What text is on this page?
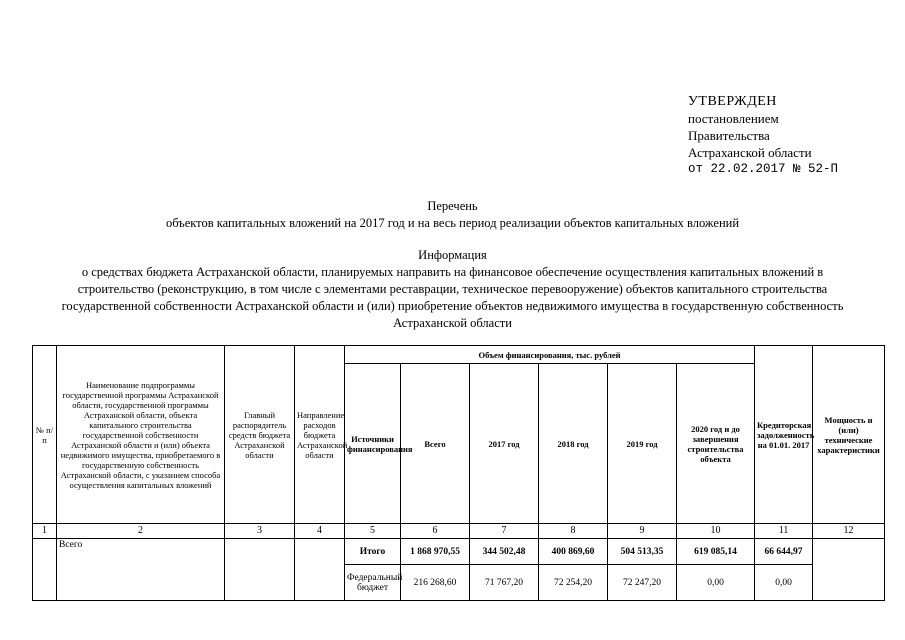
УТВЕРЖДЕН
постановлением
Правительства
Астраханской области
от 22.02.2017 № 52-П
Перечень
объектов капитальных вложений на 2017 год и на весь период реализации объектов капитальных вложений
Информация
о средствах бюджета Астраханской области, планируемых направить на финансовое обеспечение осуществления капитальных вложений в строительство (реконструкцию, в том числе с элементами реставрации, техническое перевооружение) объектов капитального строительства государственной собственности Астраханской области и (или) приобретение объектов недвижимого имущества в государственную собственность Астраханской области
№ п/п	Наименование подпрограммы государственной программы Астраханской области, государственной программы Астраханской области, объекта капитального строительства государственной собственности Астраханской области и (или) объекта недвижимого имущества, приобретаемого в государственную собственность Астраханской области, с указанием способа осуществления капитальных вложений	Главный распорядитель средств бюджета Астраханской области	Направление расходов бюджета Астраханской области	Объем финансирования, тыс. рублей						Кредиторская задолженность на 01.01. 2017	Мощность и (или) технические характеристики
				Источники финансирования	Всего	2017 год	2018 год	2019 год	2020 год и до завершения строительства объекта		
1	2	3	4	5	6	7	8	9	10	11	12
	Всего			Итого	1 868 970,55	344 502,48	400 869,60	504 513,35	619 085,14	66 644,97	
				Федеральный бюджет	216 268,60	71 767,20	72 254,20	72 247,20	0,00	0,00	
